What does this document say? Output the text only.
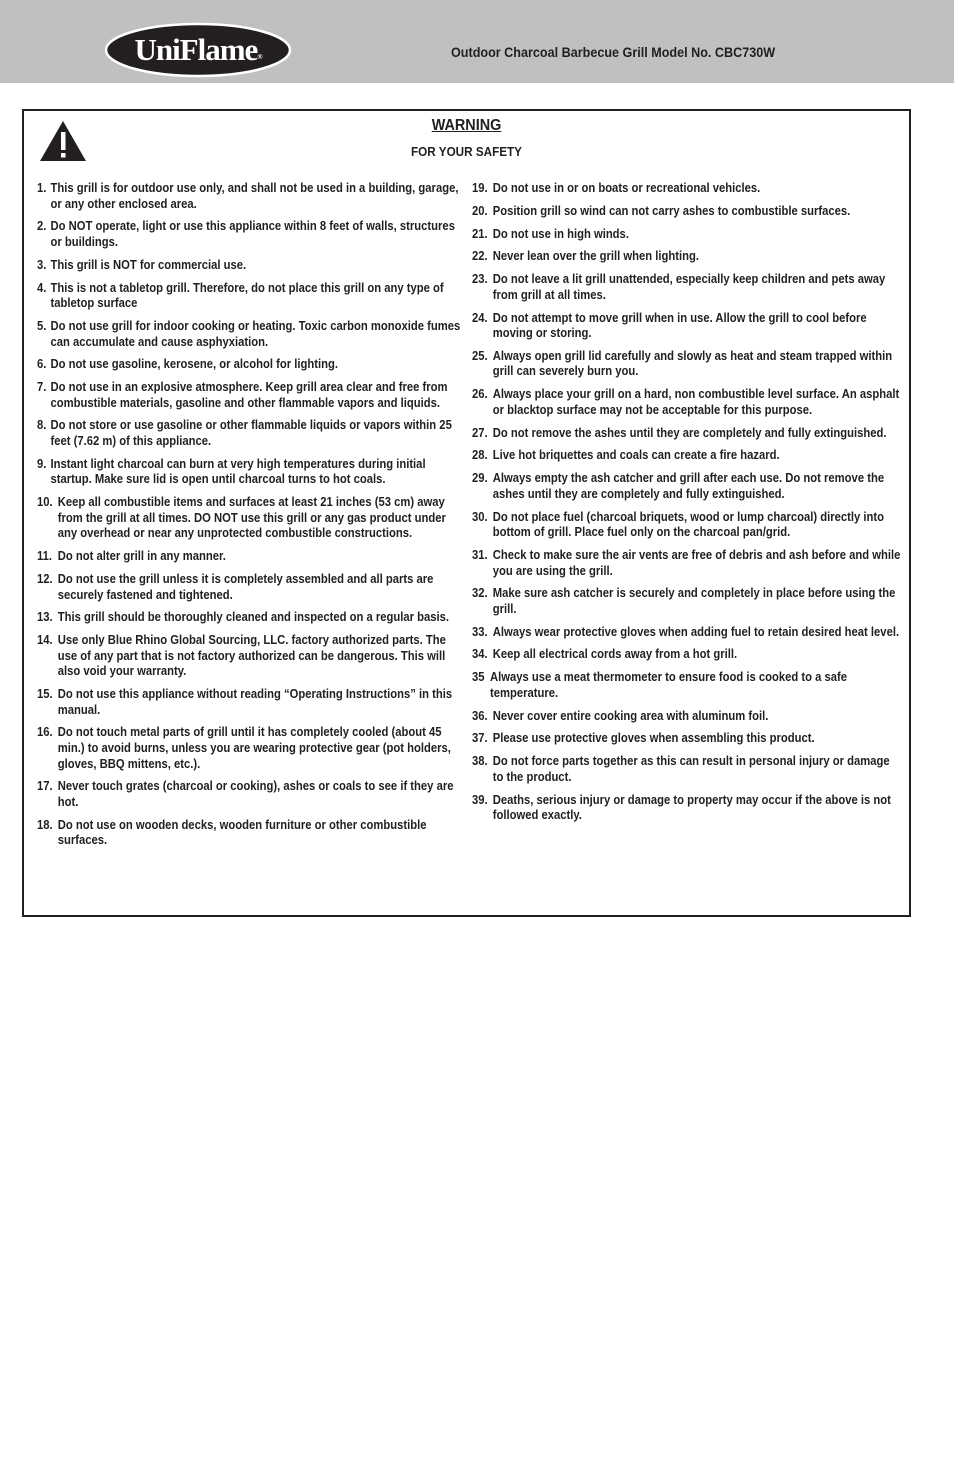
UniFlame$_®$	Outdoor Charcoal Barbecue Grill Model No. CBC730W
WARNING
FOR YOUR SAFETY
1. This grill is for outdoor use only, and shall not be used in a building, garage, or any other enclosed area.
2. Do NOT operate, light or use this appliance within 8 feet of walls, structures or buildings.
3. This grill is NOT for commercial use.
4. This is not a tabletop grill. Therefore, do not place this grill on any type of tabletop surface
5. Do not use grill for indoor cooking or heating. Toxic carbon monoxide fumes can accumulate and cause asphyxiation.
6. Do not use gasoline, kerosene, or alcohol for lighting.
7. Do not use in an explosive atmosphere. Keep grill area clear and free from combustible materials, gasoline and other flammable vapors and liquids.
8. Do not store or use gasoline or other flammable liquids or vapors within 25 feet (7.62 m) of this appliance.
9. Instant light charcoal can burn at very high temperatures during initial startup. Make sure lid is open until charcoal turns to hot coals.
10. Keep all combustible items and surfaces at least 21 inches (53 cm) away from the grill at all times. DO NOT use this grill or any gas product under any overhead or near any unprotected combustible constructions.
11. Do not alter grill in any manner.
12. Do not use the grill unless it is completely assembled and all parts are securely fastened and tightened.
13. This grill should be thoroughly cleaned and inspected on a regular basis.
14. Use only Blue Rhino Global Sourcing, LLC. factory authorized parts. The use of any part that is not factory authorized can be dangerous. This will also void your warranty.
15. Do not use this appliance without reading “Operating Instructions” in this manual.
16. Do not touch metal parts of grill until it has completely cooled (about 45 min.) to avoid burns, unless you are wearing protective gear (pot holders, gloves, BBQ mittens, etc.).
17. Never touch grates (charcoal or cooking), ashes or coals to see if they are hot.
18. Do not use on wooden decks, wooden furniture or other combustible surfaces.
19. Do not use in or on boats or recreational vehicles.
20. Position grill so wind can not carry ashes to combustible surfaces.
21. Do not use in high winds.
22. Never lean over the grill when lighting.
23. Do not leave a lit grill unattended, especially keep children and pets away from grill at all times.
24. Do not attempt to move grill when in use. Allow the grill to cool before moving or storing.
25. Always open grill lid carefully and slowly as heat and steam trapped within grill can severely burn you.
26. Always place your grill on a hard, non combustible level surface. An asphalt or blacktop surface may not be acceptable for this purpose.
27. Do not remove the ashes until they are completely and fully extinguished.
28. Live hot briquettes and coals can create a fire hazard.
29. Always empty the ash catcher and grill after each use. Do not remove the ashes until they are completely and fully extinguished.
30. Do not place fuel (charcoal briquets, wood or lump charcoal) directly into bottom of grill. Place fuel only on the charcoal pan/grid.
31. Check to make sure the air vents are free of debris and ash before and while you are using the grill.
32. Make sure ash catcher is securely and completely in place before using the grill.
33. Always wear protective gloves when adding fuel to retain desired heat level.
34. Keep all electrical cords away from a hot grill.
35 Always use a meat thermometer to ensure food is cooked to a safe temperature.
36. Never cover entire cooking area with aluminum foil.
37. Please use protective gloves when assembling this product.
38. Do not force parts together as this can result in personal injury or damage to the product.
39. Deaths, serious injury or damage to property may occur if the above is not followed exactly.
